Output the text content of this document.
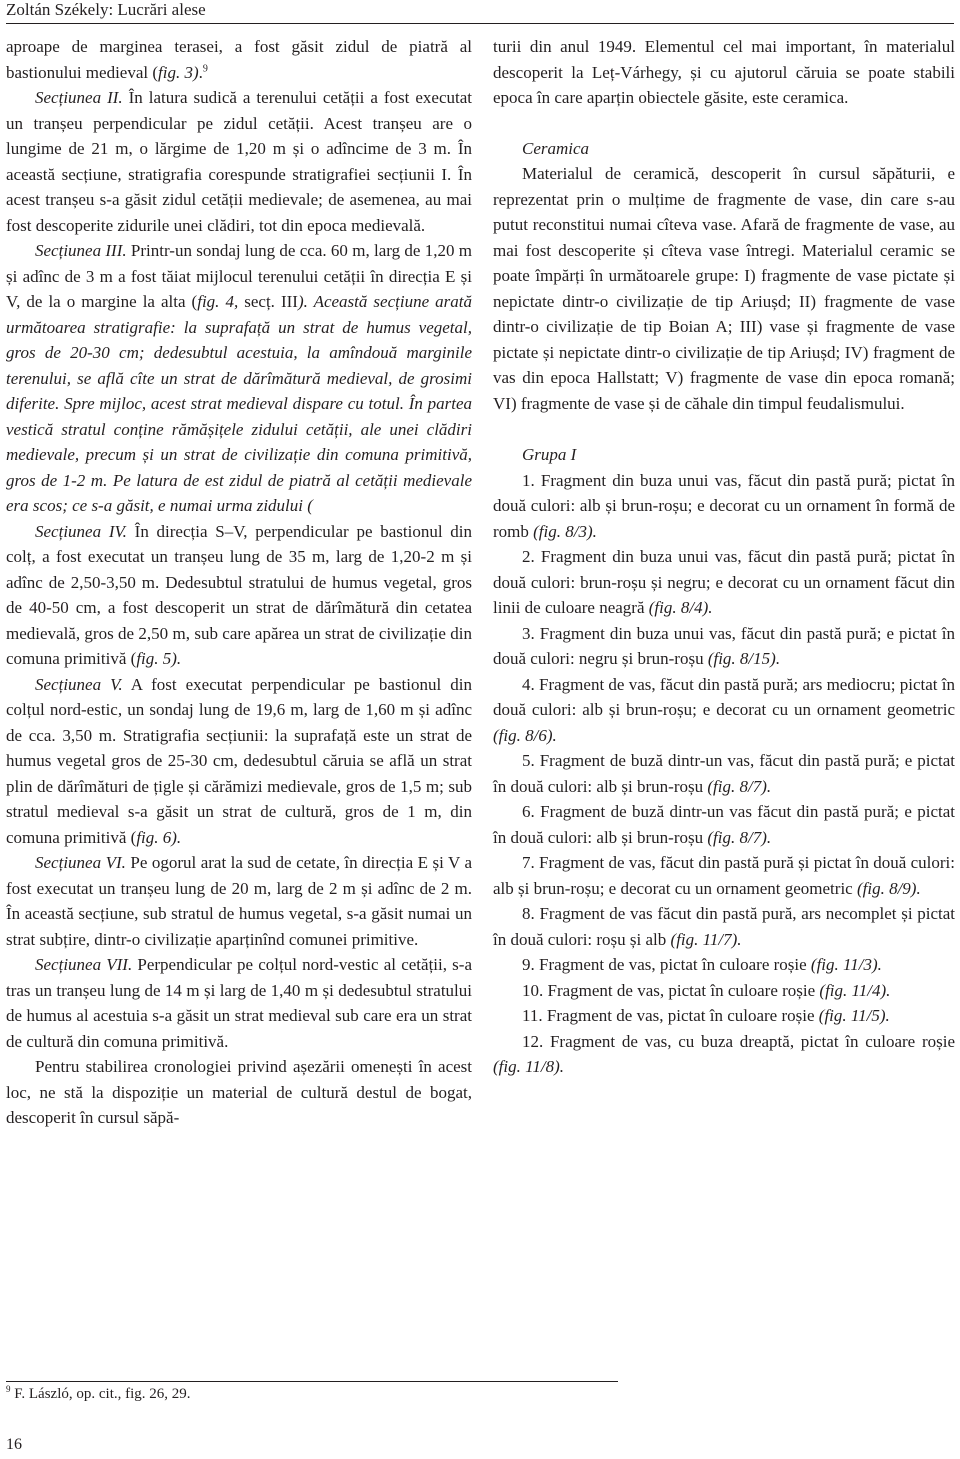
Zoltán Székely: Lucrări alese

aproape de marginea terasei, a fost găsit zidul de piatră al bastionului medieval (fig. 3).$^9$

Secțiunea II. În latura sudică a terenului cetății a fost executat un tranșeu perpendicular pe zidul cetății. Acest tranșeu are o lungime de 21 m, o lărgime de 1,20 m și o adîncime de 3 m. În această secțiune, stratigrafia corespunde stratigrafiei secțiunii I. În acest tranșeu s-a găsit zidul cetății medievale; de asemenea, au mai fost descoperite zidurile unei clădiri, tot din epoca medievală.

Secțiunea III. Printr-un sondaj lung de cca. 60 m, larg de 1,20 m și adînc de 3 m a fost tăiat mijlocul terenului cetății în direcția E și V, de la o margine la alta (fig. 4, secț. III). Această secțiune arată următoarea stratigrafie: la suprafață un strat de humus vegetal, gros de 20-30 cm; dedesubtul acestuia, la amîndouă marginile terenului, se află cîte un strat de dărîmătură medieval, de grosimi diferite. Spre mijloc, acest strat medieval dispare cu totul. În partea vestică stratul conține rămășițele zidului cetății, ale unei clădiri medievale, precum și un strat de civilizație din comuna primitivă, gros de 1-2 m. Pe latura de est zidul de piatră al cetății medievale era scos; ce s-a găsit, e numai urma zidului (

Secțiunea IV. În direcția S–V, perpendicular pe bastionul din colț, a fost executat un tranșeu lung de 35 m, larg de 1,20-2 m și adînc de 2,50-3,50 m. Dedesubtul stratului de humus vegetal, gros de 40-50 cm, a fost descoperit un strat de dărîmătură din cetatea medievală, gros de 2,50 m, sub care apărea un strat de civilizație din comuna primitivă (fig. 5).

Secțiunea V. A fost executat perpendicular pe bastionul din colțul nord-estic, un sondaj lung de 19,6 m, larg de 1,60 m și adînc de cca. 3,50 m. Stratigrafia secțiunii: la suprafață este un strat de humus vegetal gros de 25-30 cm, dedesubtul căruia se află un strat plin de dărîmături de țigle și cărămizi medievale, gros de 1,5 m; sub stratul medieval s-a găsit un strat de cultură, gros de 1 m, din comuna primitivă (fig. 6).

Secțiunea VI. Pe ogorul arat la sud de cetate, în direcția E și V a fost executat un tranșeu lung de 20 m, larg de 2 m și adînc de 2 m. În această secțiune, sub stratul de humus vegetal, s-a găsit numai un strat subțire, dintr-o civilizație aparținînd comunei primitive.

Secțiunea VII. Perpendicular pe colțul nord-vestic al cetății, s-a tras un tranșeu lung de 14 m și larg de 1,40 m și dedesubtul stratului de humus al acestuia s-a găsit un strat medieval sub care era un strat de cultură din comuna primitivă.

Pentru stabilirea cronologiei privind așezării omenești în acest loc, ne stă la dispoziție un material de cultură destul de bogat, descoperit în cursul săpă-

turii din anul 1949. Elementul cel mai important, în materialul descoperit la Leț-Várhegy, și cu ajutorul căruia se poate stabili epoca în care aparțin obiectele găsite, este ceramica.

Ceramica

Materialul de ceramică, descoperit în cursul săpăturii, e reprezentat prin o mulțime de fragmente de vase, din care s-au putut reconstitui numai cîteva vase. Afară de fragmente de vase, au mai fost descoperite și cîteva vase întregi. Materialul ceramic se poate împărți în următoarele grupe: I) fragmente de vase pictate și nepictate dintr-o civilizație de tip Ariușd; II) fragmente de vase dintr-o civilizație de tip Boian A; III) vase și fragmente de vase pictate și nepictate dintr-o civilizație de tip Ariușd; IV) fragment de vas din epoca Hallstatt; V) fragmente de vase din epoca romană; VI) fragmente de vase și de căhale din timpul feudalismului.

Grupa I

1. Fragment din buza unui vas, făcut din pastă pură; pictat în două culori: alb și brun-roșu; e decorat cu un ornament în formă de romb (fig. 8/3).

2. Fragment din buza unui vas, făcut din pastă pură; pictat în două culori: brun-roșu și negru; e decorat cu un ornament făcut din linii de culoare neagră (fig. 8/4).

3. Fragment din buza unui vas, făcut din pastă pură; e pictat în două culori: negru și brun-roșu (fig. 8/15).

4. Fragment de vas, făcut din pastă pură; ars mediocru; pictat în două culori: alb și brun-roșu; e decorat cu un ornament geometric (fig. 8/6).

5. Fragment de buză dintr-un vas, făcut din pastă pură; e pictat în două culori: alb și brun-roșu (fig. 8/7).

6. Fragment de buză dintr-un vas făcut din pastă pură; e pictat în două culori: alb și brun-roșu (fig. 8/7).

7. Fragment de vas, făcut din pastă pură și pictat în două culori: alb și brun-roșu; e decorat cu un ornament geometric (fig. 8/9).

8. Fragment de vas făcut din pastă pură, ars necomplet și pictat în două culori: roșu și alb (fig. 11/7).

9. Fragment de vas, pictat în culoare roșie (fig. 11/3).

10. Fragment de vas, pictat în culoare roșie (fig. 11/4).

11. Fragment de vas, pictat în culoare roșie (fig. 11/5).

12. Fragment de vas, cu buza dreaptă, pictat în culoare roșie (fig. 11/8).

$^9$ F. László, op. cit., fig. 26, 29.
16
